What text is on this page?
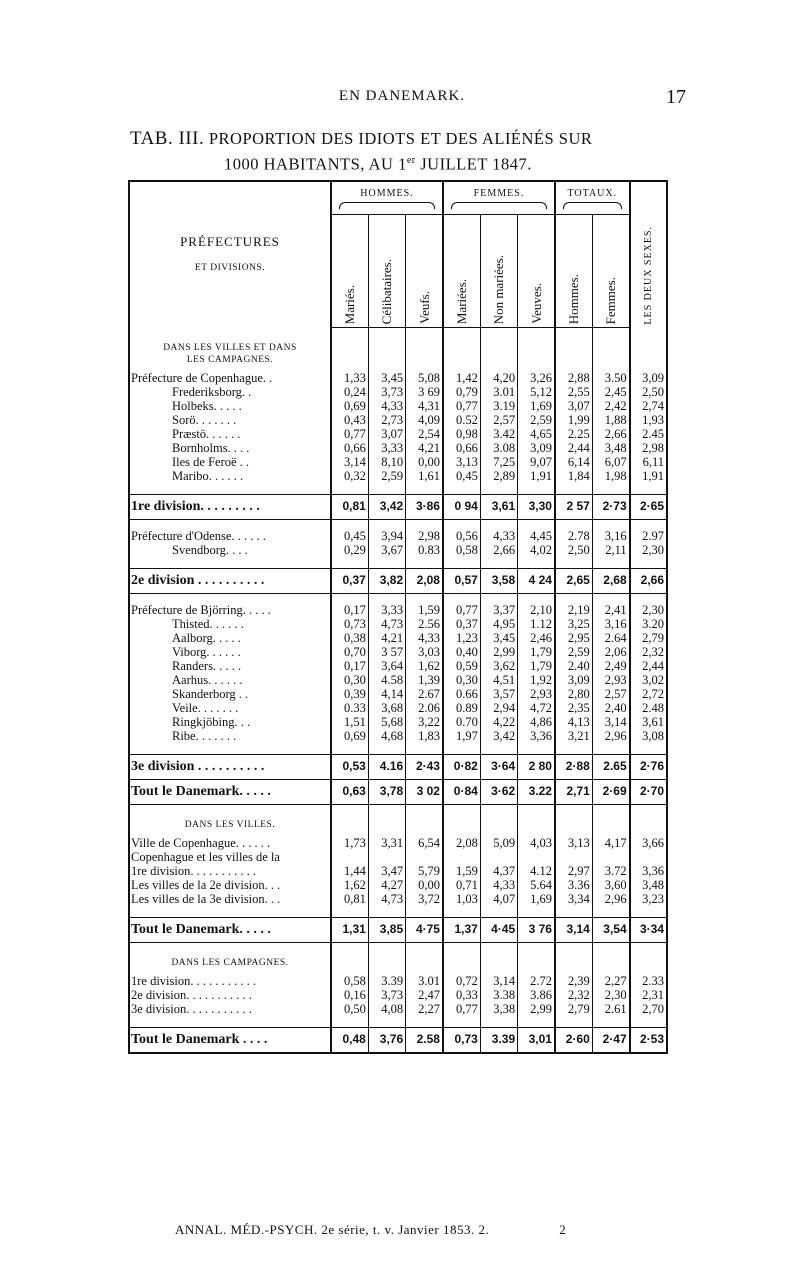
EN DANEMARK.	17
TAB. III. PROPORTION DES IDIOTS ET DES ALIÉNÉS SUR
1000 HABITANTS, AU 1er JUILLET 1847.
PRÉFECTURES
ET DIVISIONS.	HOMMES.			FEMMES.			TOTAUX.		LES DEUX SEXES.
	Mariés.	Célibataires.	Veufs.	Mariées.	Non mariées.	Veuves.	Hommes.	Femmes.	

DANS LES VILLES ET DANS
LES CAMPAGNES.									

Préfecture de Copenhague. .	1,33	3,45	5,08	1,42	4,20	3,26	2,88	3.50	3,09
Frederiksborg. .	0,24	3,73	3 69	0,79	3.01	5,12	2,55	2,45	2,50
Holbeks. . . . .	0,69	4,33	4,31	0,77	3.19	1,69	3,07	2,42	2,74
Sorö. . . . . . .	0,43	2,73	4,09	0.52	2,57	2,59	1,99	1,88	1,93
Præstö. . . . . .	0,77	3,07	2,54	0,98	3.42	4,65	2.25	2,66	2.45
Bornholms. . . .	0,66	3,33	4,21	0,66	3.08	3,09	2,44	3,48	2,98
Iles de Feroë . .	3,14	8,10	0,00	3,13	7,25	9,07	6,14	6,07	6,11
Maribo. . . . . .	0,32	2,59	1,61	0,45	2,89	1,91	1,84	1,98	1,91

1re division. . . . . . . . .	0,81	3,42	3·86	0 94	3,61	3,30	2 57	2·73	2·65

Préfecture d'Odense. . . . . .	0,45	3,94	2,98	0,56	4,33	4,45	2.78	3,16	2.97
Svendborg. . . .	0,29	3,67	0.83	0,58	2,66	4,02	2,50	2,11	2,30

2e division . . . . . . . . . .	0,37	3,82	2,08	0,57	3,58	4 24	2,65	2,68	2,66

Préfecture de Björring. . . . .	0,17	3,33	1,59	0,77	3,37	2,10	2,19	2,41	2,30
Thisted. . . . . .	0,73	4,73	2.56	0,37	4,95	1.12	3,25	3,16	3.20
Aalborg. . . . .	0,38	4,21	4,33	1,23	3,45	2,46	2,95	2.64	2,79
Viborg. . . . . .	0,70	3 57	3,03	0,40	2,99	1,79	2,59	2,06	2,32
Randers. . . . .	0,17	3,64	1,62	0,59	3,62	1,79	2.40	2,49	2,44
Aarhus. . . . . .	0,30	4.58	1,39	0,30	4,51	1,92	3,09	2,93	3,02
Skanderborg . .	0,39	4,14	2.67	0.66	3,57	2,93	2,80	2,57	2,72
Veile. . . . . . .	0.33	3,68	2.06	0.89	2,94	4,72	2,35	2,40	2.48
Ringkjöbing. . .	1,51	5,68	3,22	0.70	4,22	4,86	4,13	3,14	3,61
Ribe. . . . . . .	0,69	4,68	1,83	1,97	3,42	3,36	3,21	2,96	3,08

3e division . . . . . . . . . .	0,53	4.16	2·43	0·82	3·64	2 80	2·88	2.65	2·76
Tout le Danemark. . . . .	0,63	3,78	3 02	0·84	3·62	3.22	2,71	2·69	2·70

DANS LES VILLES.									

Ville de Copenhague. . . . . .	1,73	3,31	6,54	2,08	5,09	4,03	3,13	4,17	3,66
Copenhague et les villes de la									
1re division. . . . . . . . . . .	1,44	3,47	5,79	1,59	4,37	4.12	2,97	3.72	3,36
Les villes de la 2e division. . .	1,62	4,27	0,00	0,71	4,33	5.64	3.36	3,60	3,48
Les villes de la 3e division. . .	0,81	4,73	3,72	1,03	4,07	1,69	3,34	2,96	3,23

Tout le Danemark. . . . .	1,31	3,85	4·75	1,37	4·45	3 76	3,14	3,54	3·34

DANS LES CAMPAGNES.									

1re division. . . . . . . . . . .	0,58	3.39	3.01	0,72	3,14	2.72	2,39	2,27	2.33
2e division. . . . . . . . . . .	0,16	3,73	2,47	0,33	3.38	3.86	2,32	2,30	2,31
3e division. . . . . . . . . . .	0,50	4,08	2,27	0,77	3,38	2,99	2,79	2.61	2,70

Tout le Danemark . . . .	0,48	3,76	2.58	0,73	3.39	3,01	2·60	2·47	2·53
ANNAL. MÉD.-PSYCH. 2e série, t. v. Janvier 1853. 2.	2
